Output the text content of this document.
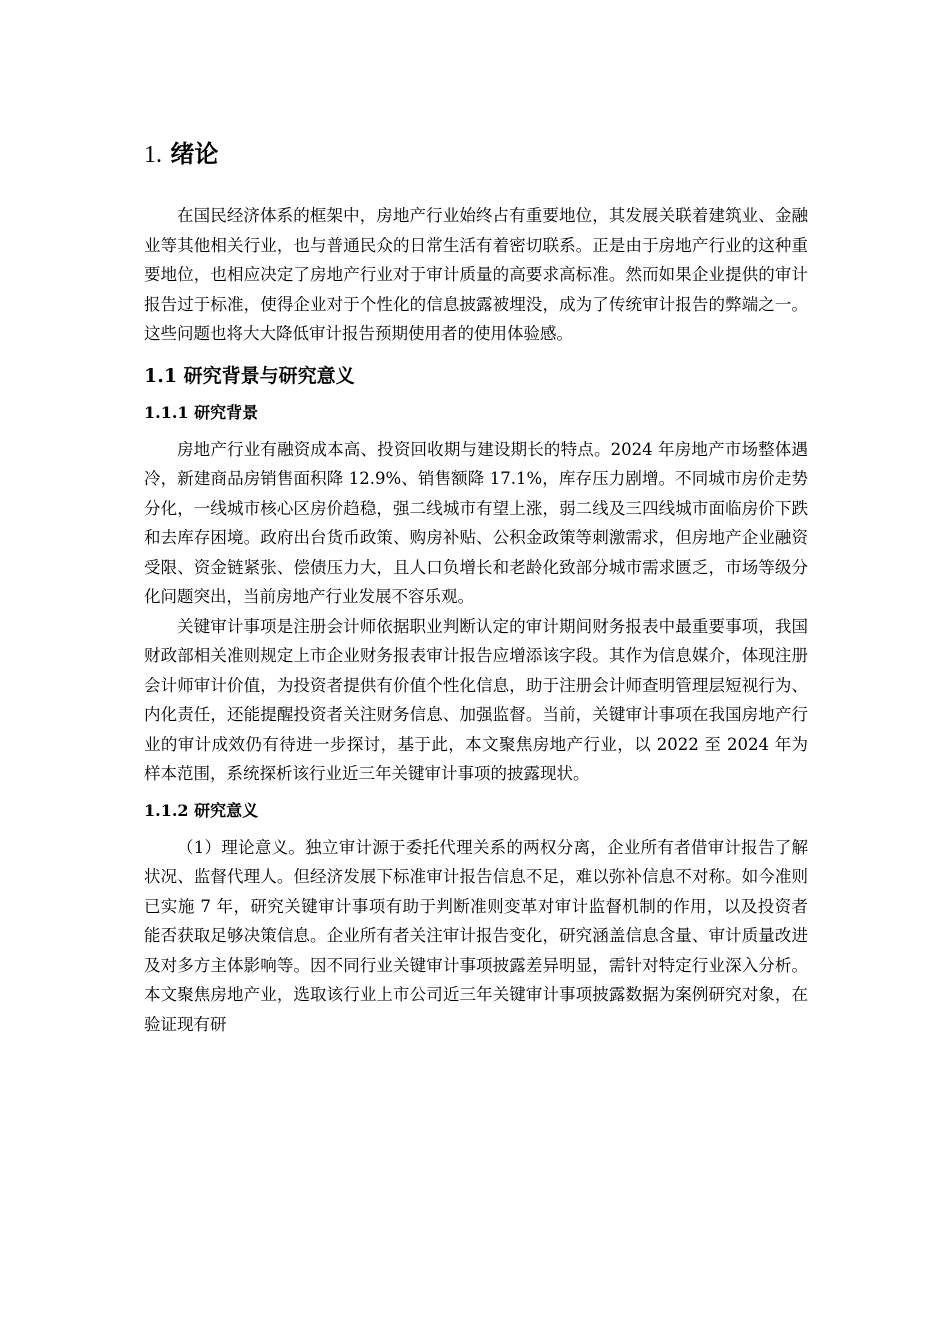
1. 绪论

在国民经济体系的框架中，房地产行业始终占有重要地位，其发展关联着建筑业、金融业等其他相关行业，也与普通民众的日常生活有着密切联系。正是由于房地产行业的这种重要地位，也相应决定了房地产行业对于审计质量的高要求高标准。然而如果企业提供的审计报告过于标准，使得企业对于个性化的信息披露被埋没，成为了传统审计报告的弊端之一。这些问题也将大大降低审计报告预期使用者的使用体验感。

1.1 研究背景与研究意义
1.1.1 研究背景

房地产行业有融资成本高、投资回收期与建设期长的特点。2024 年房地产市场整体遇冷，新建商品房销售面积降 12.9%、销售额降 17.1%，库存压力剧增。不同城市房价走势分化，一线城市核心区房价趋稳，强二线城市有望上涨，弱二线及三四线城市面临房价下跌和去库存困境。政府出台货币政策、购房补贴、公积金政策等刺激需求，但房地产企业融资受限、资金链紧张、偿债压力大，且人口负增长和老龄化致部分城市需求匮乏，市场等级分化问题突出，当前房地产行业发展不容乐观。

关键审计事项是注册会计师依据职业判断认定的审计期间财务报表中最重要事项，我国财政部相关准则规定上市企业财务报表审计报告应增添该字段。其作为信息媒介，体现注册会计师审计价值，为投资者提供有价值个性化信息，助于注册会计师查明管理层短视行为、内化责任，还能提醒投资者关注财务信息、加强监督。当前，关键审计事项在我国房地产行业的审计成效仍有待进一步探讨，基于此，本文聚焦房地产行业，以 2022 至 2024 年为样本范围，系统探析该行业近三年关键审计事项的披露现状。

1.1.2 研究意义

（1）理论意义。独立审计源于委托代理关系的两权分离，企业所有者借审计报告了解状况、监督代理人。但经济发展下标准审计报告信息不足，难以弥补信息不对称。如今准则已实施 7 年，研究关键审计事项有助于判断准则变革对审计监督机制的作用，以及投资者能否获取足够决策信息。企业所有者关注审计报告变化，研究涵盖信息含量、审计质量改进及对多方主体影响等。因不同行业关键审计事项披露差异明显，需针对特定行业深入分析。本文聚焦房地产业，选取该行业上市公司近三年关键审计事项披露数据为案例研究对象，在验证现有研
